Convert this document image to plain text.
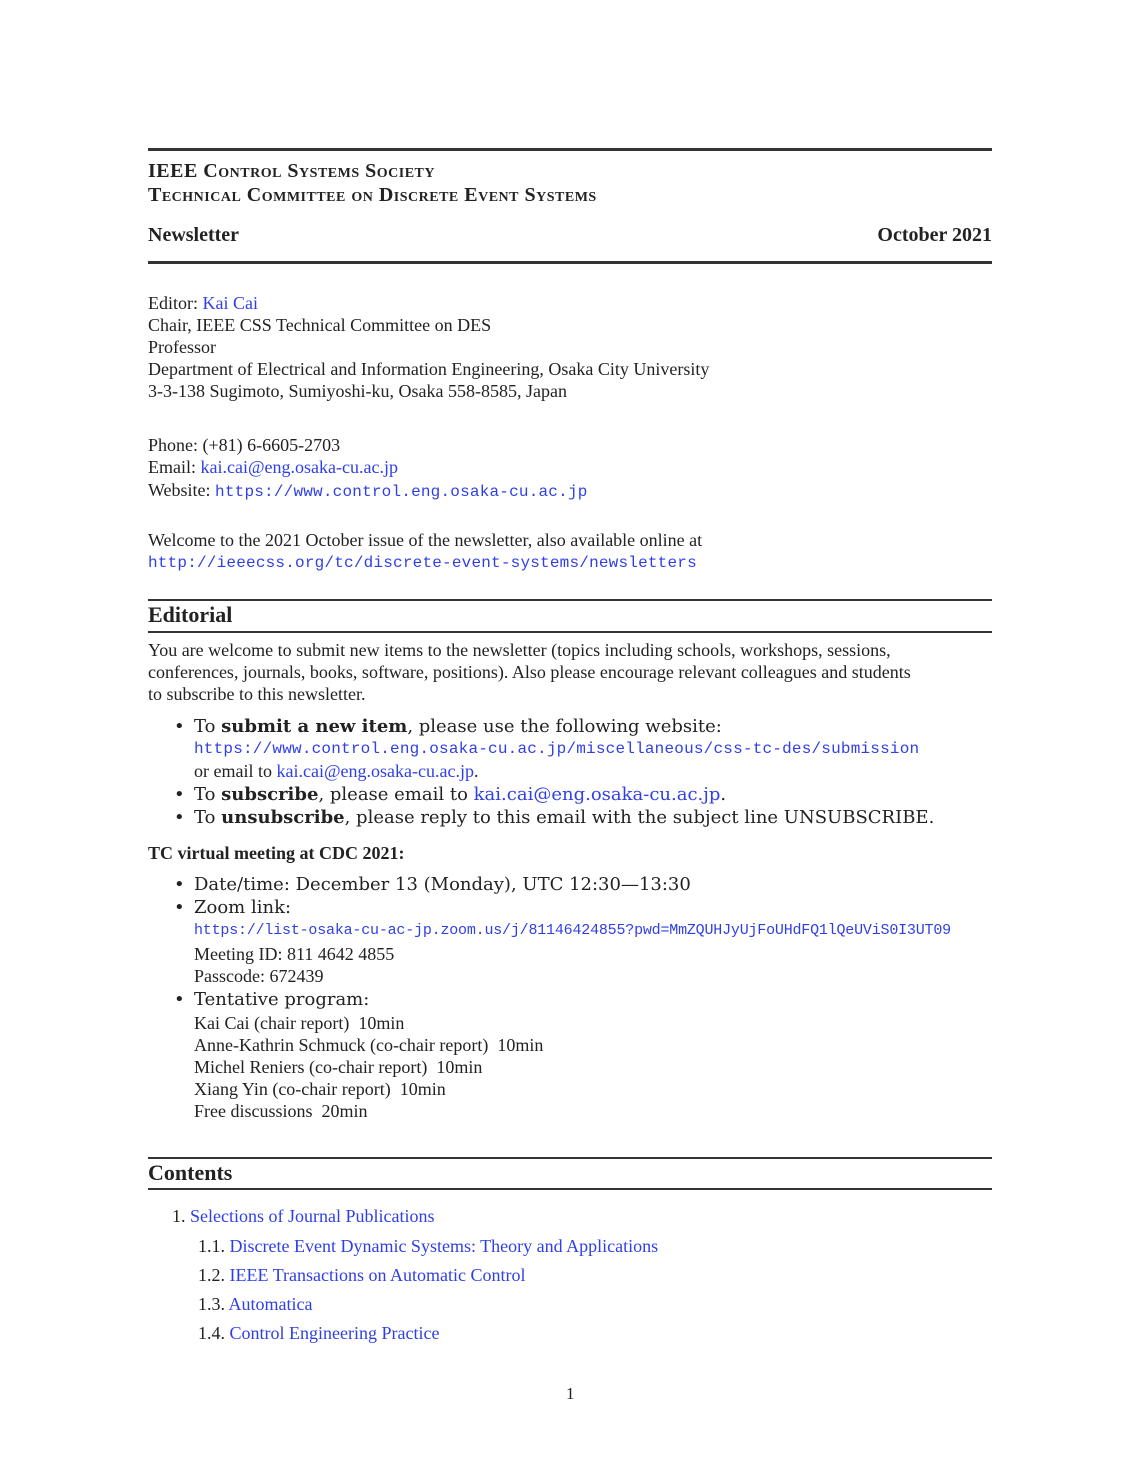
IEEE Control Systems Society
Technical Committee on Discrete Event Systems
Newsletter	October 2021
Editor: Kai Cai
Chair, IEEE CSS Technical Committee on DES
Professor
Department of Electrical and Information Engineering, Osaka City University
3-3-138 Sugimoto, Sumiyoshi-ku, Osaka 558-8585, Japan
Phone: (+81) 6-6605-2703
Email: kai.cai@eng.osaka-cu.ac.jp
Website: https://www.control.eng.osaka-cu.ac.jp
Welcome to the 2021 October issue of the newsletter, also available online at
http://ieeecss.org/tc/discrete-event-systems/newsletters
Editorial
You are welcome to submit new items to the newsletter (topics including schools, workshops, sessions,
conferences, journals, books, software, positions). Also please encourage relevant colleagues and students
to subscribe to this newsletter.
• To submit a new item, please use the following website:
https://www.control.eng.osaka-cu.ac.jp/miscellaneous/css-tc-des/submission
or email to kai.cai@eng.osaka-cu.ac.jp.
• To subscribe, please email to kai.cai@eng.osaka-cu.ac.jp.
• To unsubscribe, please reply to this email with the subject line UNSUBSCRIBE.
TC virtual meeting at CDC 2021:
• Date/time: December 13 (Monday), UTC 12:30—13:30
• Zoom link:
https://list-osaka-cu-ac-jp.zoom.us/j/81146424855?pwd=MmZQUHJyUjFoUHdFQ1lQeUViS0I3UT09
Meeting ID: 811 4642 4855
Passcode: 672439
• Tentative program:
Kai Cai (chair report)  10min
Anne-Kathrin Schmuck (co-chair report)  10min
Michel Reniers (co-chair report)  10min
Xiang Yin (co-chair report)  10min
Free discussions  20min
Contents
1. Selections of Journal Publications
1.1. Discrete Event Dynamic Systems: Theory and Applications
1.2. IEEE Transactions on Automatic Control
1.3. Automatica
1.4. Control Engineering Practice
1
